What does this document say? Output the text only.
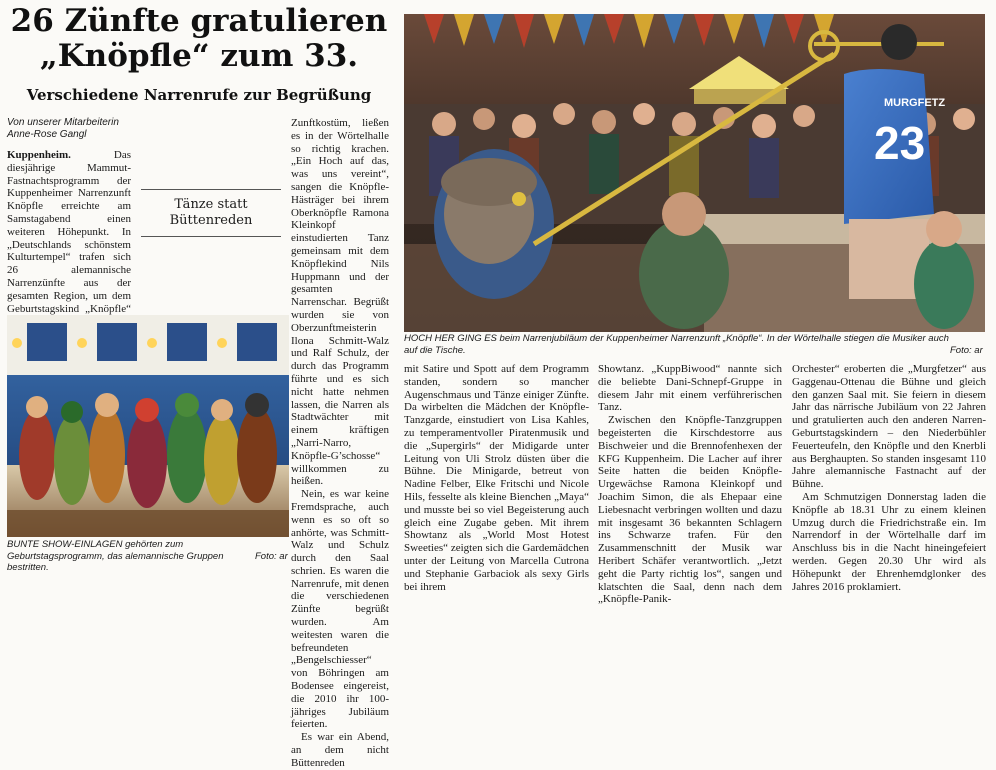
26 Zünfte gratulieren
„Knöpfle“ zum 33.
Verschiedene Narrenrufe zur Begrüßung
Von unserer Mitarbeiterin
Anne-Rose Gangl

Kuppenheim.	Das diesjährige Mammut-Fastnachtsprogramm der Kuppenheimer Narrenzunft Knöpfle erreichte am Samstagabend einen weiteren Höhepunkt. In „Deutschlands schönstem Kulturtempel“ trafen sich 26 alemannische Narrenzünfte aus der gesamten Region, um dem Geburtstagskind „Knöpfle“

Tänze statt
Büttenreden

Zunftkostüm, ließen es in der Wörtelhalle so richtig krachen. „Ein Hoch auf das, was uns vereint“, sangen die Knöpfle-Hästräger bei ihrem Oberknöpfle Ramona Kleinkopf einstudierten Tanz gemeinsam mit dem Knöpflekind Nils Huppmann und der gesamten Narrenschar. Begrüßt wurden sie von Oberzunftmeisterin Ilona Schmitt-Walz und Ralf Schulz, der durch das Programm führte und es sich nicht hatte nehmen lassen, die Narren als Stadtwächter mit einem kräftigen „Narri-Narro, Knöpfle-G’schosse“ willkommen zu heißen.

Nein, es war keine Fremdsprache, auch wenn es so oft so anhörte, was Schmitt-Walz und Schulz durch den Saal schrien. Es waren die Narrenrufe, mit denen die verschiedenen Zünfte begrüßt wurden. Am weitesten waren die befreundeten „Bengelschiesser“ von Böhringen am Bodensee eingereist, die 2010 ihr 100-jähriges Jubiläum feierten.

Es war ein Abend, an dem nicht Büttenreden

BUNTE SHOW-EINLAGEN gehörten zum Geburtstagsprogramm, das alemannische Gruppen bestritten.
Foto: ar
MURGFETZ
23
HOCH HER GING ES beim Narrenjubiläum der Kuppenheimer Narrenzunft „Knöpfle“. In der Wörtelhalle stiegen die Musiker auch auf die Tische.	Foto: ar

mit Satire und Spott auf dem Programm standen, sondern so mancher Augenschmaus und Tänze einiger Zünfte. Da wirbelten die Mädchen der Knöpfle-Tanzgarde, einstudiert von Lisa Kahles, zu temperamentvoller Piratenmusik und die „Supergirls“ der Midigarde unter Leitung von Uli Strolz düsten über die Bühne. Die Minigarde, betreut von Nadine Felber, Elke Fritschi und Nicole Hils, fesselte als kleine Bienchen „Maya“ und musste bei so viel Begeisterung auch gleich eine Zugabe geben. Mit ihrem Showtanz als „World Most Hotest Sweeties“ zeigten sich die Gardemädchen unter der Leitung von Marcella Cutrona und Stephanie Garbaciok als sexy Girls bei ihrem

Showtanz. „KuppBiwood“ nannte sich die beliebte Dani-Schnepf-Gruppe in diesem Jahr mit einem verführerischen Tanz.

Zwischen den Knöpfle-Tanzgruppen begeisterten die Kirschdestorre aus Bischweier und die Brennofenhexen der KFG Kuppenheim. Die Lacher auf ihrer Seite hatten die beiden Knöpfle-Urgewächse Ramona Kleinkopf und Joachim Simon, die als Ehepaar eine Liebesnacht verbringen wollten und dazu mit insgesamt 36 bekannten Schlagern ins Schwarze trafen. Für den Zusammenschnitt der Musik war Heribert Schäfer verantwortlich. „Jetzt geht die Party richtig los“, sangen und klatschten die Saal, denn nach dem „Knöpfle-Panik-

Orchester“ eroberten die „Murgfetzer“ aus Gaggenau-Ottenau die Bühne und gleich den ganzen Saal mit. Sie feiern in diesem Jahr das närrische Jubiläum von 22 Jahren und gratulierten auch den anderen Narren-Geburtstagskindern – den Niederbühler Feuerteufeln, den Knöpfle und den Knerbli aus Berghaupten. So standen insgesamt 110 Jahre alemannische Fastnacht auf der Bühne.

Am Schmutzigen Donnerstag laden die Knöpfle ab 18.31 Uhr zu einem kleinen Umzug durch die Friedrichstraße ein. Im Narrendorf in der Wörtelhalle darf im Anschluss bis in die Nacht hineingefeiert werden. Gegen 20.30 Uhr wird als Höhepunkt der Ehrenhemdglonker des Jahres 2016 proklamiert.
